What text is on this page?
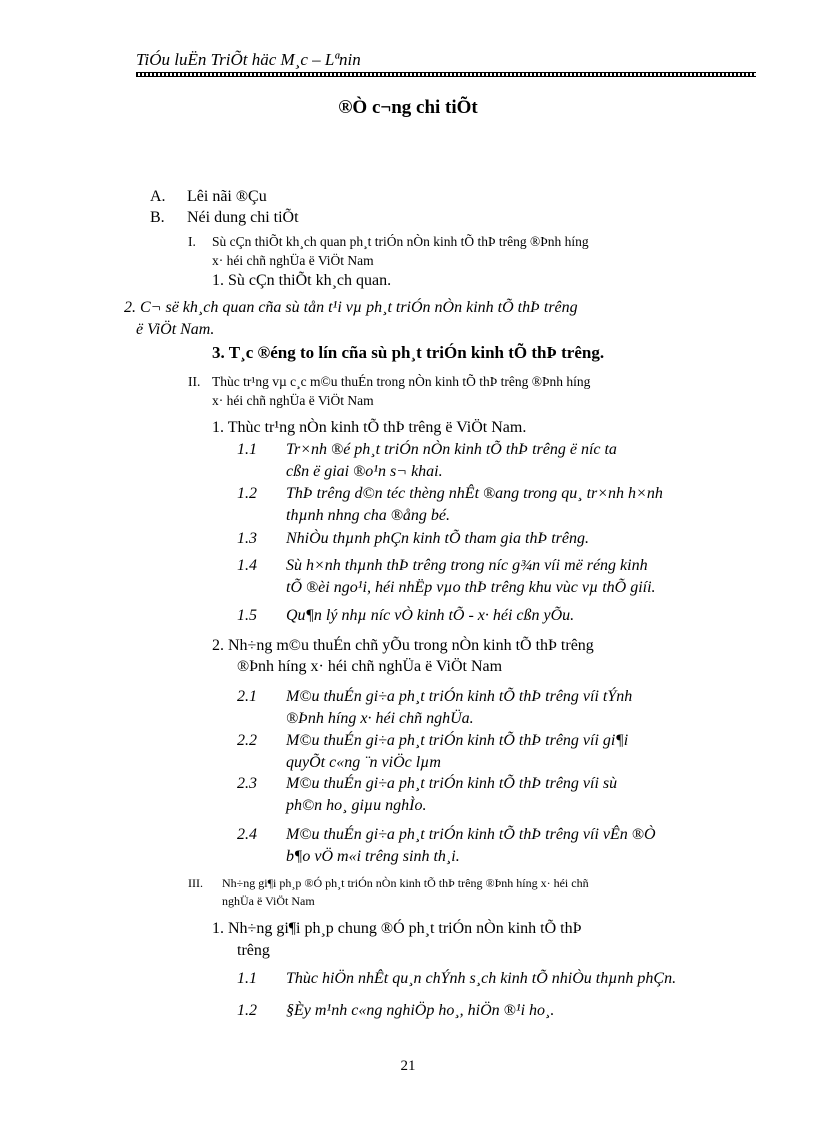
TiÓu luËn TriÕt häc M¸c – Lªnin
®Ò c¬ng chi tiÕt
A. Lêi nãi ®Çu
B. Néi dung chi tiÕt
I. Sù cÇn thiÕt kh¸ch quan ph¸t triÓn nÒn kinh tÕ thÞ trêng ®Þnh híng
x· héi chñ nghÜa ë ViÖt Nam
1. Sù cÇn thiÕt kh¸ch quan.
2. C¬ së kh¸ch quan cña sù tån t¹i vµ ph¸t triÓn nÒn kinh tÕ thÞ trêng
ë ViÖt Nam.
3. T¸c ®éng to lín cña sù ph¸t triÓn kinh tÕ thÞ trêng.
II. Thùc tr¹ng vµ c¸c m©u thuÉn trong nÒn kinh tÕ thÞ trêng ®Þnh híng
x· héi chñ nghÜa ë ViÖt Nam
1. Thùc tr¹ng nÒn kinh tÕ thÞ trêng ë ViÖt Nam.
1.1 Tr×nh ®é ph¸t triÓn nÒn kinh tÕ thÞ trêng ë níc ta
cßn ë giai ®o¹n s¬ khai.
1.2 ThÞ trêng d©n téc thèng nhÊt ®ang trong qu¸ tr×nh h×nh
thµnh nhng cha ®ång bé.
1.3 NhiÒu thµnh phÇn kinh tÕ tham gia thÞ trêng.
1.4 Sù h×nh thµnh thÞ trêng trong níc g¾n víi më réng kinh
tÕ ®èi ngo¹i, héi nhËp vµo thÞ trêng khu vùc vµ thÕ giíi.
1.5 Qu¶n lý nhµ níc vÒ kinh tÕ - x· héi cßn yÕu.
2. Nh÷ng m©u thuÉn chñ yÕu trong nÒn kinh tÕ thÞ trêng
®Þnh híng x· héi chñ nghÜa ë ViÖt Nam
2.1 M©u thuÉn gi÷a ph¸t triÓn kinh tÕ thÞ trêng víi tÝnh
®Þnh híng x· héi chñ nghÜa.
2.2 M©u thuÉn gi÷a ph¸t triÓn kinh tÕ thÞ trêng víi gi¶i
quyÕt c«ng ¨n viÖc lµm
2.3 M©u thuÉn gi÷a ph¸t triÓn kinh tÕ thÞ trêng víi sù
ph©n ho¸ giµu nghÌo.
2.4 M©u thuÉn gi÷a ph¸t triÓn kinh tÕ thÞ trêng víi vÊn ®Ò
b¶o vÖ m«i trêng sinh th¸i.
III. Nh÷ng gi¶i ph¸p ®Ó ph¸t triÓn nÒn kinh tÕ thÞ trêng ®Þnh híng x· héi chñ
nghÜa ë ViÖt Nam
1. Nh÷ng gi¶i ph¸p chung ®Ó ph¸t triÓn nÒn kinh tÕ thÞ
trêng
1.1 Thùc hiÖn nhÊt qu¸n chÝnh s¸ch kinh tÕ nhiÒu thµnh phÇn.
1.2 §Èy m¹nh c«ng nghiÖp ho¸, hiÖn ®¹i ho¸.
21
